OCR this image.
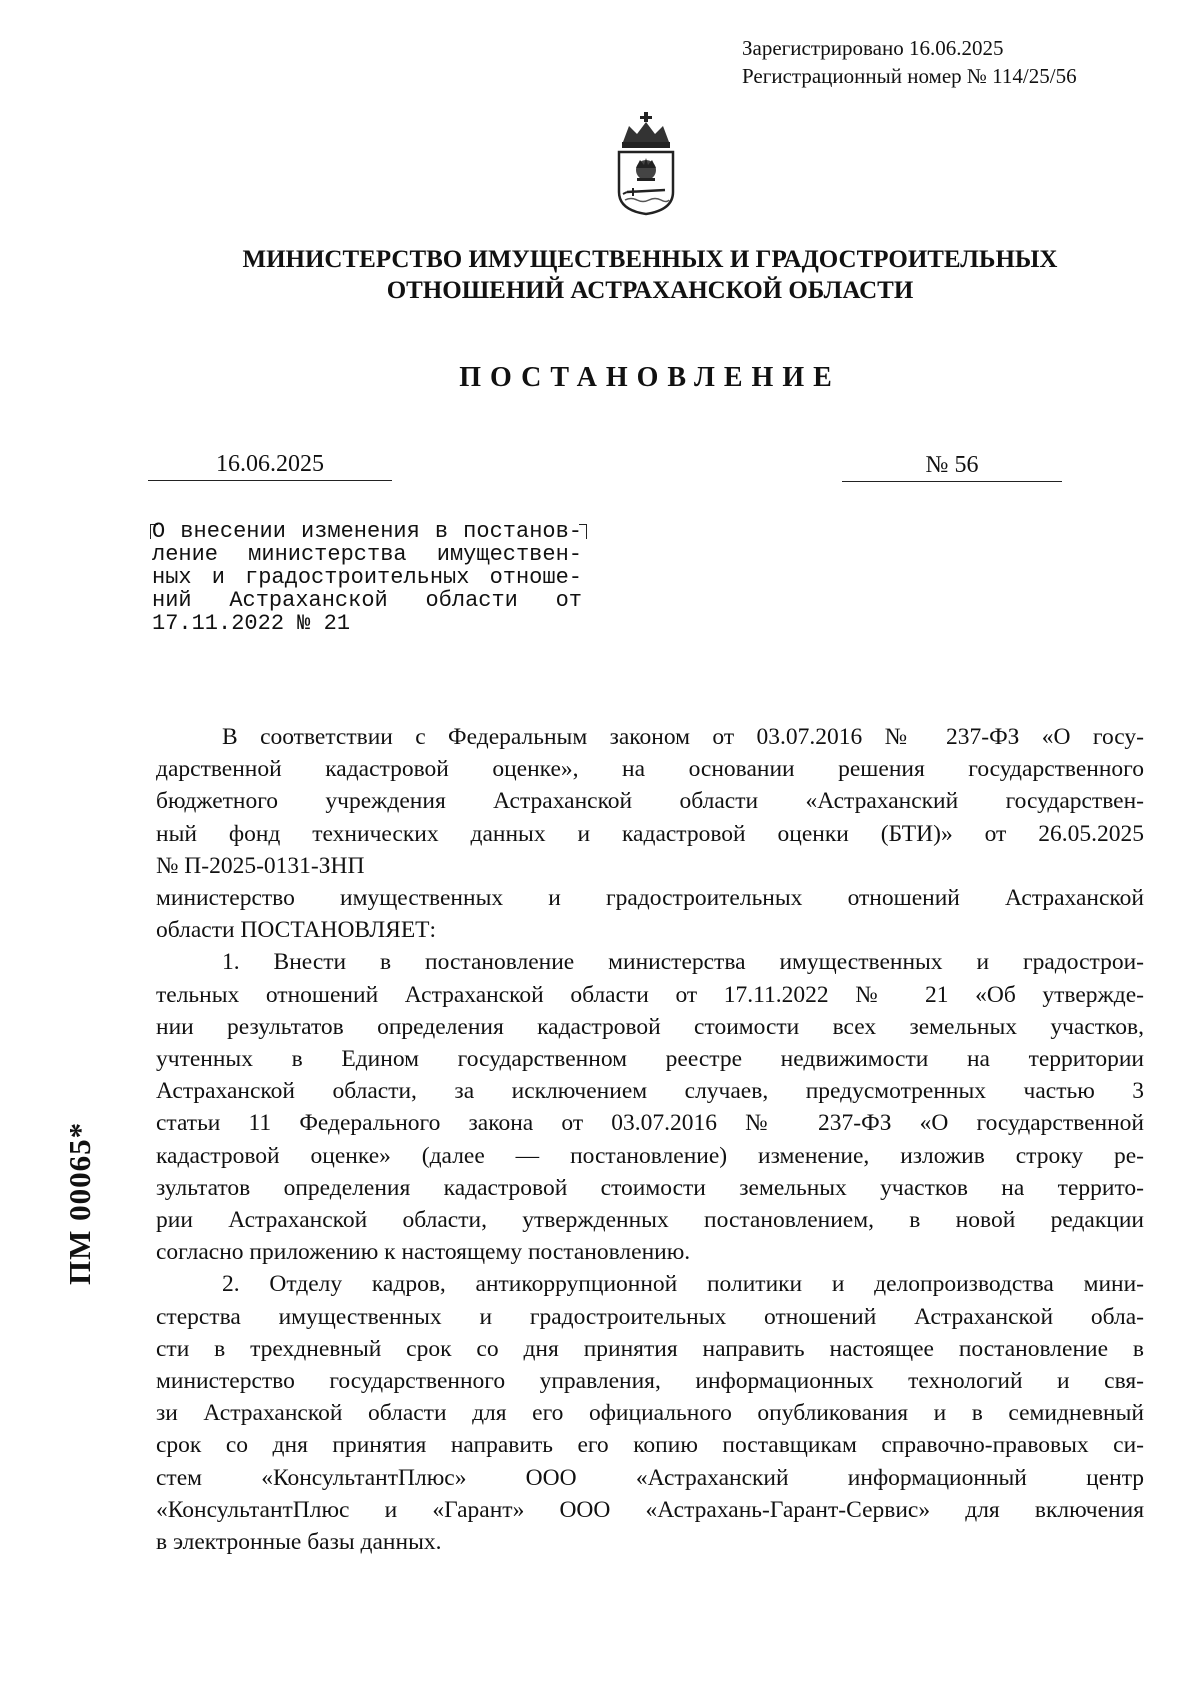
Зарегистрировано 16.06.2025
Регистрационный номер № 114/25/56
МИНИСТЕРСТВО ИМУЩЕСТВЕННЫХ И ГРАДОСТРОИТЕЛЬНЫХ
ОТНОШЕНИЙ АСТРАХАНСКОЙ ОБЛАСТИ
ПОСТАНОВЛЕНИЕ
16.06.2025	№ 56
О внесении изменения в постанов-
ление министерства имуществен-
ных и градостроительных отноше-
ний Астраханской области от
17.11.2022 № 21
В соответствии с Федеральным законом от 03.07.2016 № 237-ФЗ «О госу-
дарственной кадастровой оценке», на основании решения государственного
бюджетного учреждения Астраханской области «Астраханский государствен-
ный фонд технических данных и кадастровой оценки (БТИ)» от 26.05.2025
№ П-2025-0131-ЗНП
министерство имущественных и градостроительных отношений Астраханской
области ПОСТАНОВЛЯЕТ:
1. Внести в постановление министерства имущественных и градострои-
тельных отношений Астраханской области от 17.11.2022 № 21 «Об утвержде-
нии результатов определения кадастровой стоимости всех земельных участков,
учтенных в Едином государственном реестре недвижимости на территории
Астраханской области, за исключением случаев, предусмотренных частью 3
статьи 11 Федерального закона от 03.07.2016 № 237-ФЗ «О государственной
кадастровой оценке» (далее — постановление) изменение, изложив строку ре-
зультатов определения кадастровой стоимости земельных участков на террито-
рии Астраханской области, утвержденных постановлением, в новой редакции
согласно приложению к настоящему постановлению.
2. Отделу кадров, антикоррупционной политики и делопроизводства мини-
стерства имущественных и градостроительных отношений Астраханской обла-
сти в трехдневный срок со дня принятия направить настоящее постановление в
министерство государственного управления, информационных технологий и свя-
зи Астраханской области для его официального опубликования и в семидневный
срок со дня принятия направить его копию поставщикам справочно-правовых си-
стем «КонсультантПлюс» ООО «Астраханский информационный центр
«КонсультантПлюс и «Гарант» ООО «Астрахань-Гарант-Сервис» для включения
в электронные базы данных.
ПМ 00065*
